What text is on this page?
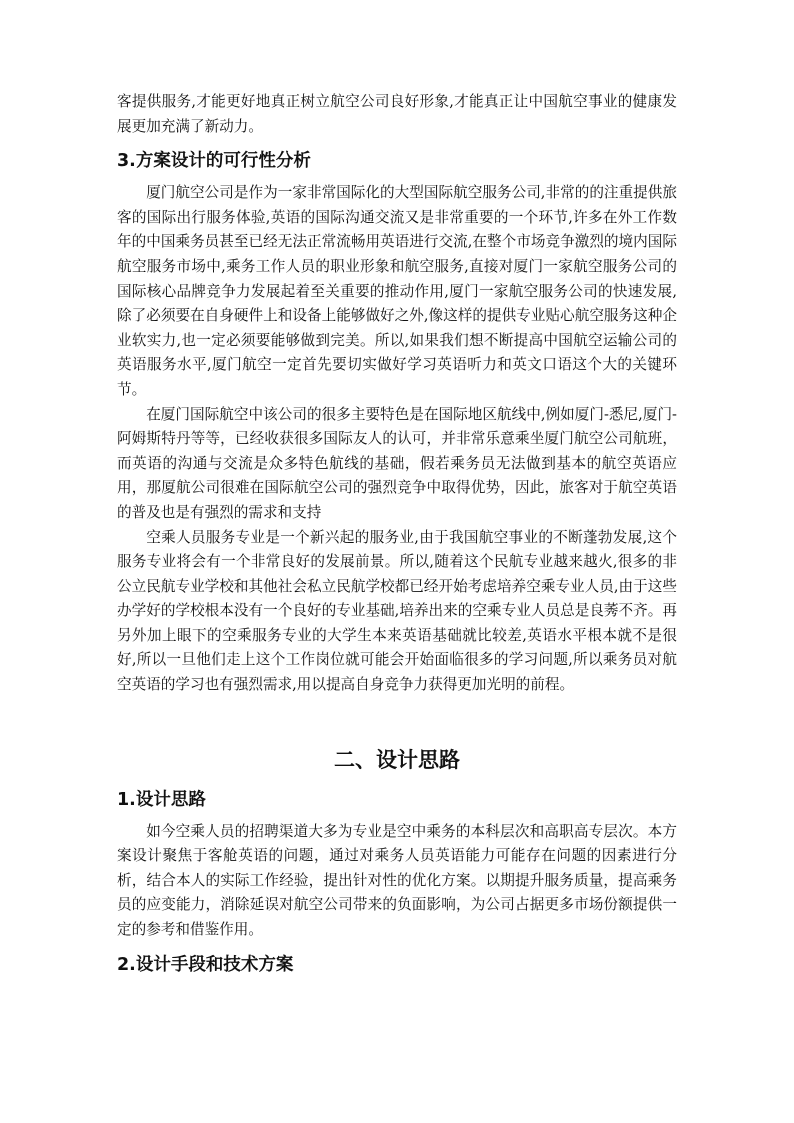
客提供服务,才能更好地真正树立航空公司良好形象,才能真正让中国航空事业的健康发展更加充满了新动力。

3.方案设计的可行性分析

厦门航空公司是作为一家非常国际化的大型国际航空服务公司,非常的的注重提供旅客的国际出行服务体验,英语的国际沟通交流又是非常重要的一个环节,许多在外工作数年的中国乘务员甚至已经无法正常流畅用英语进行交流,在整个市场竞争激烈的境内国际航空服务市场中,乘务工作人员的职业形象和航空服务,直接对厦门一家航空服务公司的国际核心品牌竞争力发展起着至关重要的推动作用,厦门一家航空服务公司的快速发展,除了必须要在自身硬件上和设备上能够做好之外,像这样的提供专业贴心航空服务这种企业软实力,也一定必须要能够做到完美。所以,如果我们想不断提高中国航空运输公司的英语服务水平,厦门航空一定首先要切实做好学习英语听力和英文口语这个大的关键环节。

在厦门国际航空中该公司的很多主要特色是在国际地区航线中,例如厦门-悉尼,厦门-阿姆斯特丹等等，已经收获很多国际友人的认可，并非常乐意乘坐厦门航空公司航班，而英语的沟通与交流是众多特色航线的基础，假若乘务员无法做到基本的航空英语应用，那厦航公司很难在国际航空公司的强烈竞争中取得优势，因此，旅客对于航空英语的普及也是有强烈的需求和支持

空乘人员服务专业是一个新兴起的服务业,由于我国航空事业的不断蓬勃发展,这个服务专业将会有一个非常良好的发展前景。所以,随着这个民航专业越来越火,很多的非公立民航专业学校和其他社会私立民航学校都已经开始考虑培养空乘专业人员,由于这些办学好的学校根本没有一个良好的专业基础,培养出来的空乘专业人员总是良莠不齐。再另外加上眼下的空乘服务专业的大学生本来英语基础就比较差,英语水平根本就不是很好,所以一旦他们走上这个工作岗位就可能会开始面临很多的学习问题,所以乘务员对航空英语的学习也有强烈需求,用以提高自身竞争力获得更加光明的前程。

二、设计思路
1.设计思路

如今空乘人员的招聘渠道大多为专业是空中乘务的本科层次和高职高专层次。本方案设计聚焦于客舱英语的问题，通过对乘务人员英语能力可能存在问题的因素进行分析，结合本人的实际工作经验，提出针对性的优化方案。以期提升服务质量，提高乘务员的应变能力，消除延误对航空公司带来的负面影响，为公司占据更多市场份额提供一定的参考和借鉴作用。

2.设计手段和技术方案
